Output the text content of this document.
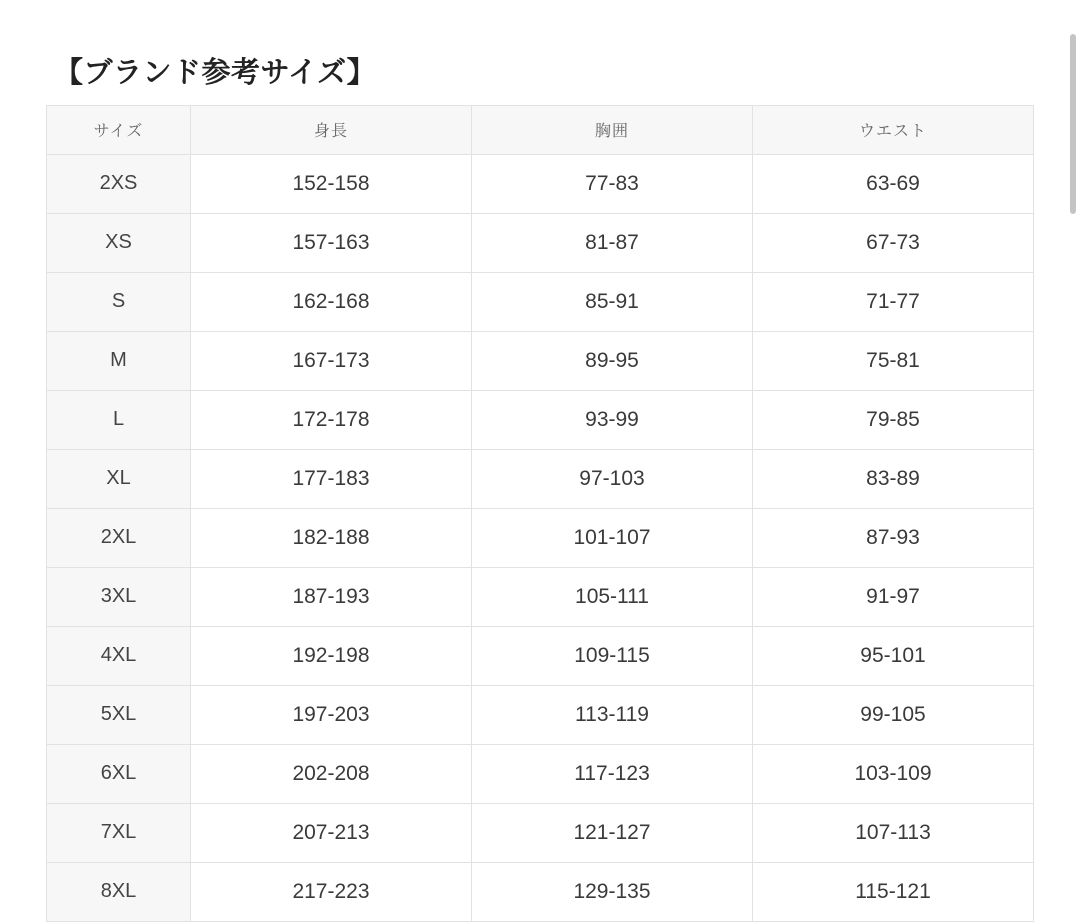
【ブランド参考サイズ】
サイズ	身長	胸囲	ウエスト
2XS	152-158	77-83	63-69
XS	157-163	81-87	67-73
S	162-168	85-91	71-77
M	167-173	89-95	75-81
L	172-178	93-99	79-85
XL	177-183	97-103	83-89
2XL	182-188	101-107	87-93
3XL	187-193	105-111	91-97
4XL	192-198	109-115	95-101
5XL	197-203	113-119	99-105
6XL	202-208	117-123	103-109
7XL	207-213	121-127	107-113
8XL	217-223	129-135	115-121
